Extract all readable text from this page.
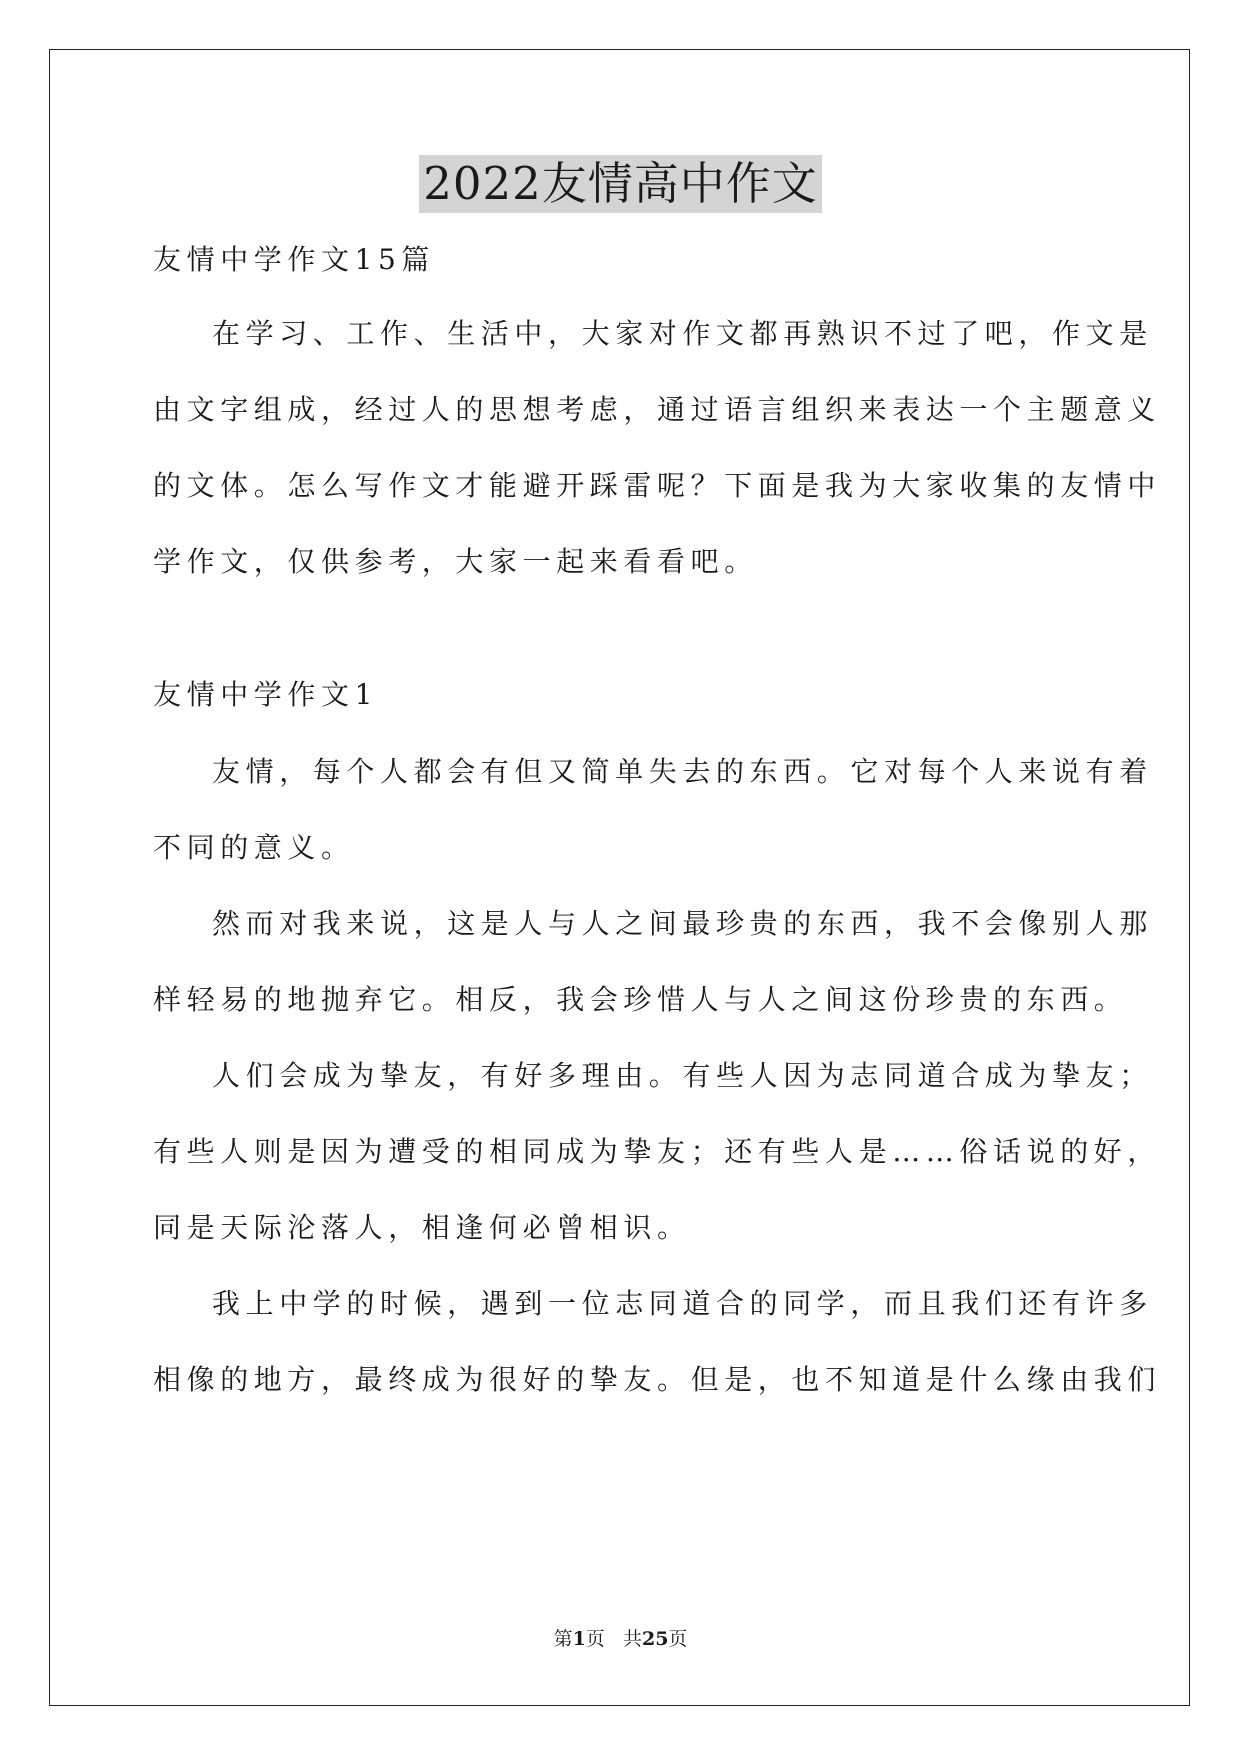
2022友情高中作文
友情中学作文15篇
在学习、工作、生活中，大家对作文都再熟识不过了吧，作文是
由文字组成，经过人的思想考虑，通过语言组织来表达一个主题意义
的文体。怎么写作文才能避开踩雷呢？下面是我为大家收集的友情中
学作文，仅供参考，大家一起来看看吧。
友情中学作文1
友情，每个人都会有但又简单失去的东西。它对每个人来说有着
不同的意义。
然而对我来说，这是人与人之间最珍贵的东西，我不会像别人那
样轻易的地抛弃它。相反，我会珍惜人与人之间这份珍贵的东西。
人们会成为挚友，有好多理由。有些人因为志同道合成为挚友；
有些人则是因为遭受的相同成为挚友；还有些人是……俗话说的好，
同是天际沦落人，相逢何必曾相识。
我上中学的时候，遇到一位志同道合的同学，而且我们还有许多
相像的地方，最终成为很好的挚友。但是，也不知道是什么缘由我们
第1页 共25页
